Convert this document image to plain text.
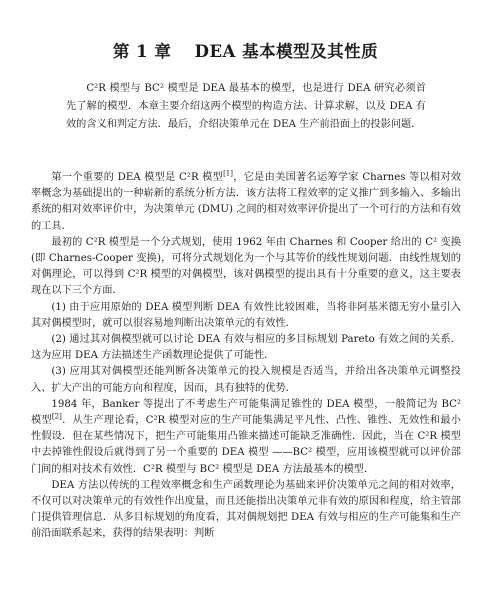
第 1 章　 DEA 基本模型及其性质

C²R 模型与 BC² 模型是 DEA 最基本的模型，也是进行 DEA 研究必须首先了解的模型．本章主要介绍这两个模型的构造方法、计算求解，以及 DEA 有效的含义和判定方法．最后，介绍决策单元在 DEA 生产前沿面上的投影问题．

第一个重要的 DEA 模型是 C²R 模型[1]，它是由美国著名运筹学家 Charnes 等以相对效率概念为基础提出的一种崭新的系统分析方法．该方法将工程效率的定义推广到多输入、多输出系统的相对效率评价中，为决策单元 (DMU) 之间的相对效率评价提出了一个可行的方法和有效的工具．

最初的 C²R 模型是一个分式规划，使用 1962 年由 Charnes 和 Cooper 给出的 C² 变换 (即 Charnes-Cooper 变换)，可将分式规划化为一个与其等价的线性规划问题．由线性规划的对偶理论，可以得到 C²R 模型的对偶模型，该对偶模型的提出具有十分重要的意义，这主要表现在以下三个方面．

(1) 由于应用原始的 DEA 模型判断 DEA 有效性比较困难，当将非阿基米德无穷小量引入其对偶模型时，就可以很容易地判断出决策单元的有效性．

(2) 通过其对偶模型就可以讨论 DEA 有效与相应的多目标规划 Pareto 有效之间的关系．这为应用 DEA 方法描述生产函数理论提供了可能性．

(3) 应用其对偶模型还能判断各决策单元的投入规模是否适当，并给出各决策单元调整投入、扩大产出的可能方向和程度，因而，具有独特的优势．

1984 年，Banker 等提出了不考虑生产可能集满足锥性的 DEA 模型，一般简记为 BC² 模型[2]．从生产理论看，C²R 模型对应的生产可能集满足平凡性、凸性、锥性、无效性和最小性假设．但在某些情况下，把生产可能集用凸锥来描述可能缺乏准确性．因此，当在 C²R 模型中去掉锥性假设后就得到了另一个重要的 DEA 模型 ——BC² 模型，应用该模型就可以评价部门间的相对技术有效性．C²R 模型与 BC² 模型是 DEA 方法最基本的模型．

DEA 方法以传统的工程效率概念和生产函数理论为基础来评价决策单元之间的相对效率，不仅可以对决策单元的有效性作出度量，而且还能指出决策单元非有效的原因和程度，给主管部门提供管理信息．从多目标规划的角度看，其对偶规划把 DEA 有效与相应的生产可能集和生产前沿面联系起来，获得的结果表明：判断
